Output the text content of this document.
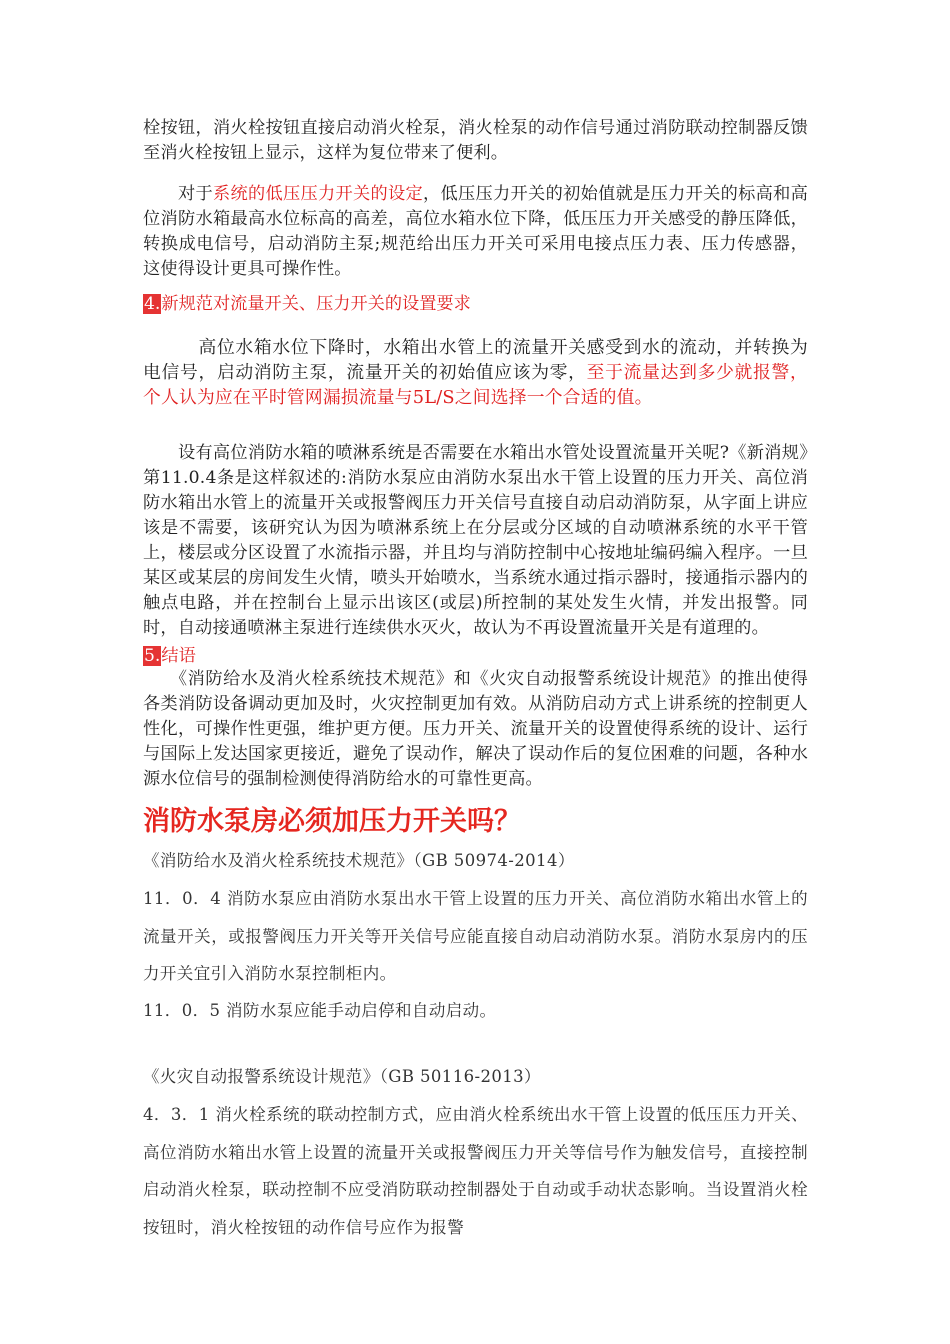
栓按钮，消火栓按钮直接启动消火栓泵，消火栓泵的动作信号通过消防联动控制器反馈至消火栓按钮上显示，这样为复位带来了便利。

　　对于系统的低压压力开关的设定，低压压力开关的初始值就是压力开关的标高和高位消防水箱最高水位标高的高差，高位水箱水位下降，低压压力开关感受的静压降低，转换成电信号，启动消防主泵;规范给出压力开关可采用电接点压力表、压力传感器，这使得设计更具可操作性。

4.新规范对流量开关、压力开关的设置要求

　　　高位水箱水位下降时，水箱出水管上的流量开关感受到水的流动，并转换为电信号，启动消防主泵，流量开关的初始值应该为零，至于流量达到多少就报警，个人认为应在平时管网漏损流量与5L/S之间选择一个合适的值。

　　设有高位消防水箱的喷淋系统是否需要在水箱出水管处设置流量开关呢?《新消规》第11.0.4条是这样叙述的:消防水泵应由消防水泵出水干管上设置的压力开关、高位消防水箱出水管上的流量开关或报警阀压力开关信号直接自动启动消防泵，从字面上讲应该是不需要，该研究认为因为喷淋系统上在分层或分区域的自动喷淋系统的水平干管上，楼层或分区设置了水流指示器，并且均与消防控制中心按地址编码编入程序。一旦某区或某层的房间发生火情，喷头开始喷水，当系统水通过指示器时，接通指示器内的触点电路，并在控制台上显示出该区(或层)所控制的某处发生火情，并发出报警。同时，自动接通喷淋主泵进行连续供水灭火，故认为不再设置流量开关是有道理的。

5.结语

　　《消防给水及消火栓系统技术规范》和《火灾自动报警系统设计规范》的推出使得各类消防设备调动更加及时，火灾控制更加有效。从消防启动方式上讲系统的控制更人性化，可操作性更强，维护更方便。压力开关、流量开关的设置使得系统的设计、运行与国际上发达国家更接近，避免了误动作，解决了误动作后的复位困难的问题，各种水源水位信号的强制检测使得消防给水的可靠性更高。

消防水泵房必须加压力开关吗？

《消防给水及消火栓系统技术规范》（GB 50974-2014）

11．0．4 消防水泵应由消防水泵出水干管上设置的压力开关、高位消防水箱出水管上的流量开关，或报警阀压力开关等开关信号应能直接自动启动消防水泵。消防水泵房内的压力开关宜引入消防水泵控制柜内。

11．0．5 消防水泵应能手动启停和自动启动。

《火灾自动报警系统设计规范》（GB 50116-2013）

4．3．1 消火栓系统的联动控制方式，应由消火栓系统出水干管上设置的低压压力开关、高位消防水箱出水管上设置的流量开关或报警阀压力开关等信号作为触发信号，直接控制启动消火栓泵，联动控制不应受消防联动控制器处于自动或手动状态影响。当设置消火栓按钮时，消火栓按钮的动作信号应作为报警
